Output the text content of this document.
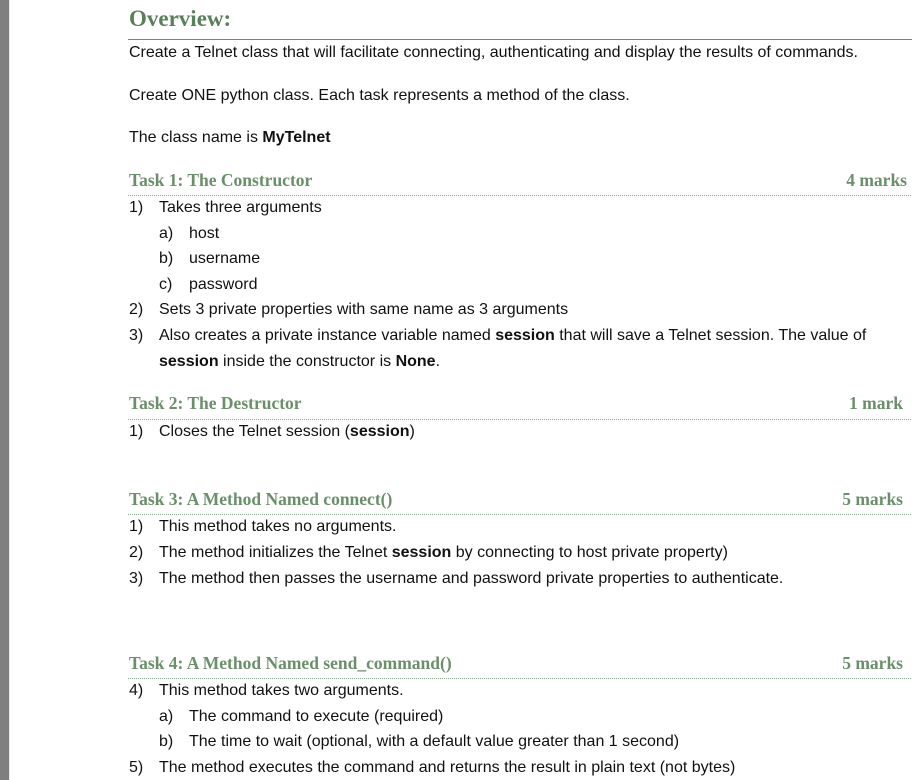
Overview:
Create a Telnet class that will facilitate connecting, authenticating and display the results of commands.
Create ONE python class. Each task represents a method of the class.
The class name is MyTelnet
Task 1: The Constructor	4 marks
1) Takes three arguments
a) host
b) username
c) password
2) Sets 3 private properties with same name as 3 arguments
3) Also creates a private instance variable named session that will save a Telnet session. The value of
session inside the constructor is None.
Task 2: The Destructor	1 mark
1) Closes the Telnet session (session)
Task 3: A Method Named connect()	5 marks
1) This method takes no arguments.
2) The method initializes the Telnet session by connecting to host private property)
3) The method then passes the username and password private properties to authenticate.
Task 4: A Method Named send_command()	5 marks
4) This method takes two arguments.
a) The command to execute (required)
b) The time to wait (optional, with a default value greater than 1 second)
5) The method executes the command and returns the result in plain text (not bytes)
